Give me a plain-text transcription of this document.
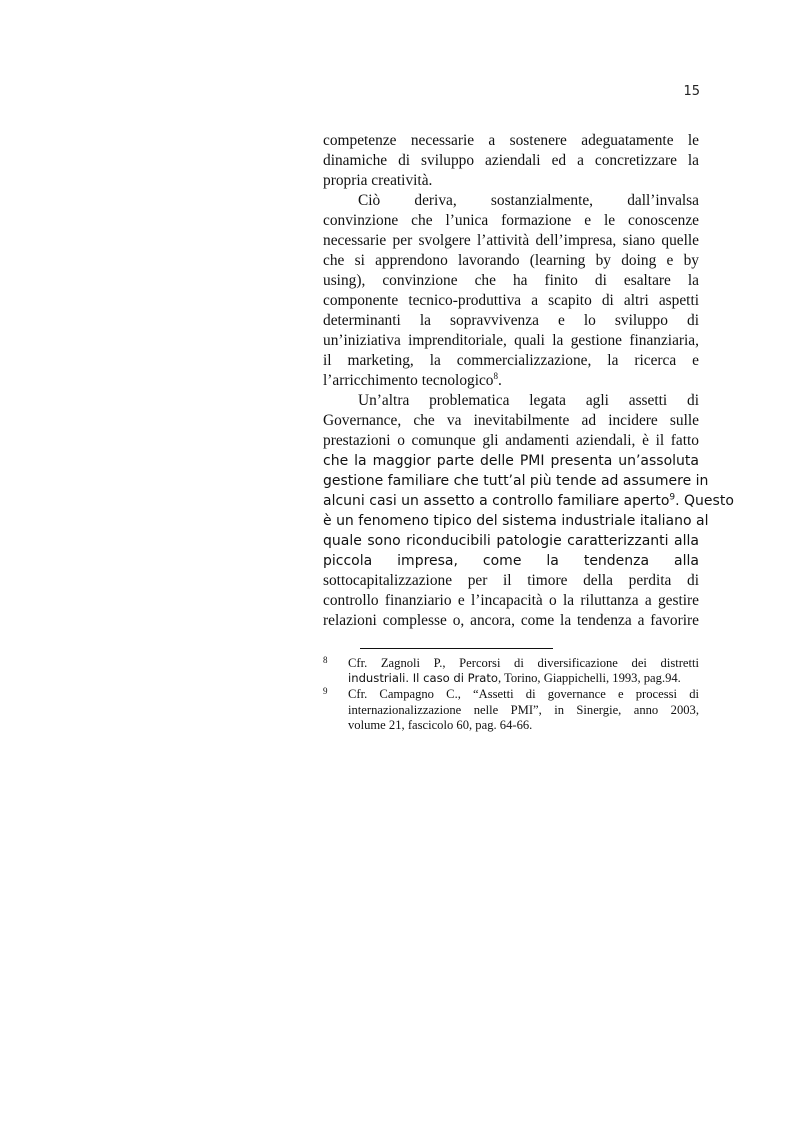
15

competenze necessarie a sostenere adeguatamente le
dinamiche di sviluppo aziendali ed a concretizzare la
propria creatività.

Ciò deriva, sostanzialmente, dall’invalsa
convinzione che l’unica formazione e le conoscenze
necessarie per svolgere l’attività dell’impresa, siano quelle
che si apprendono lavorando (learning by doing e by
using), convinzione che ha finito di esaltare la
componente tecnico-produttiva a scapito di altri aspetti
determinanti la sopravvivenza e lo sviluppo di
un’iniziativa imprenditoriale, quali la gestione finanziaria,
il marketing, la commercializzazione, la ricerca e
l’arricchimento tecnologico$^8$.

Un’altra problematica legata agli assetti di
Governance, che va inevitabilmente ad incidere sulle
prestazioni o comunque gli andamenti aziendali, è il fatto
che la maggior parte delle PMI presenta un’assoluta
gestione familiare che tutt’al più tende ad assumere in
alcuni casi un assetto a controllo familiare aperto$^9$. Questo
è un fenomeno tipico del sistema industriale italiano al
quale sono riconducibili patologie caratterizzanti alla
piccola impresa, come la tendenza alla
sottocapitalizzazione per il timore della perdita di
controllo finanziario e l’incapacità o la riluttanza a gestire
relazioni complesse o, ancora, come la tendenza a favorire

8 Cfr. Zagnoli P., Percorsi di diversificazione dei distretti
industriali. Il caso di Prato, Torino, Giappichelli, 1993, pag.94.
9 Cfr. Campagno C., “Assetti di governance e processi di
internazionalizzazione nelle PMI”, in Sinergie, anno 2003,
volume 21, fascicolo 60, pag. 64-66.
